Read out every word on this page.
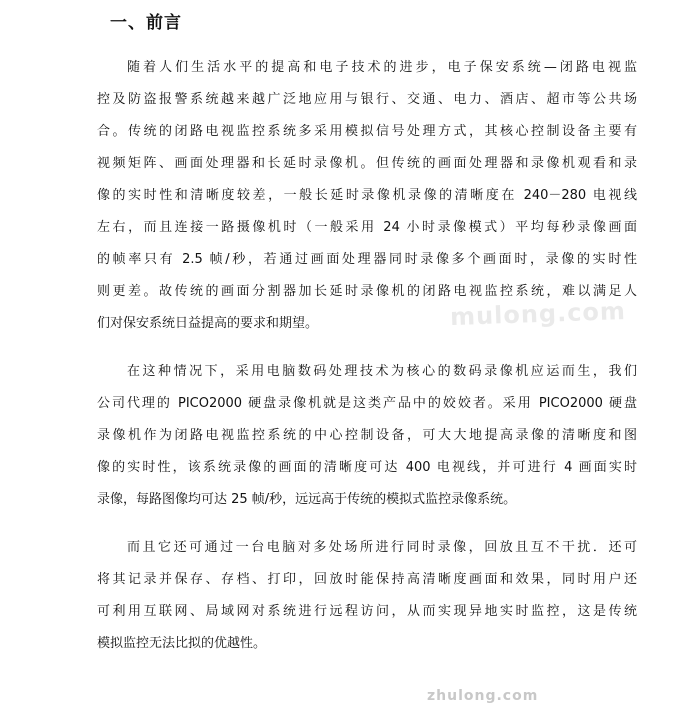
一、前言
随着人们生活水平的提高和电子技术的进步，电子保安系统—闭路电视监
控及防盗报警系统越来越广泛地应用与银行、交通、电力、酒店、超市等公共场
合。传统的闭路电视监控系统多采用模拟信号处理方式，其核心控制设备主要有
视频矩阵、画面处理器和长延时录像机。但传统的画面处理器和录像机观看和录
像的实时性和清晰度较差，一般长延时录像机录像的清晰度在 240－280 电视线
左右，而且连接一路摄像机时（一般采用 24 小时录像模式）平均每秒录像画面
的帧率只有 2.5 帧/秒，若通过画面处理器同时录像多个画面时，录像的实时性
则更差。故传统的画面分割器加长延时录像机的闭路电视监控系统，难以满足人
们对保安系统日益提高的要求和期望。
在这种情况下，采用电脑数码处理技术为核心的数码录像机应运而生，我们
公司代理的 PICO2000 硬盘录像机就是这类产品中的姣姣者。采用 PICO2000 硬盘
录像机作为闭路电视监控系统的中心控制设备，可大大地提高录像的清晰度和图
像的实时性，该系统录像的画面的清晰度可达 400 电视线，并可进行 4 画面实时
录像，每路图像均可达 25 帧/秒，远远高于传统的模拟式监控录像系统。
而且它还可通过一台电脑对多处场所进行同时录像，回放且互不干扰．还可
将其记录并保存、存档、打印，回放时能保持高清晰度画面和效果，同时用户还
可利用互联网、局域网对系统进行远程访问，从而实现异地实时监控，这是传统
模拟监控无法比拟的优越性。
mulong.com
zhulong.com
